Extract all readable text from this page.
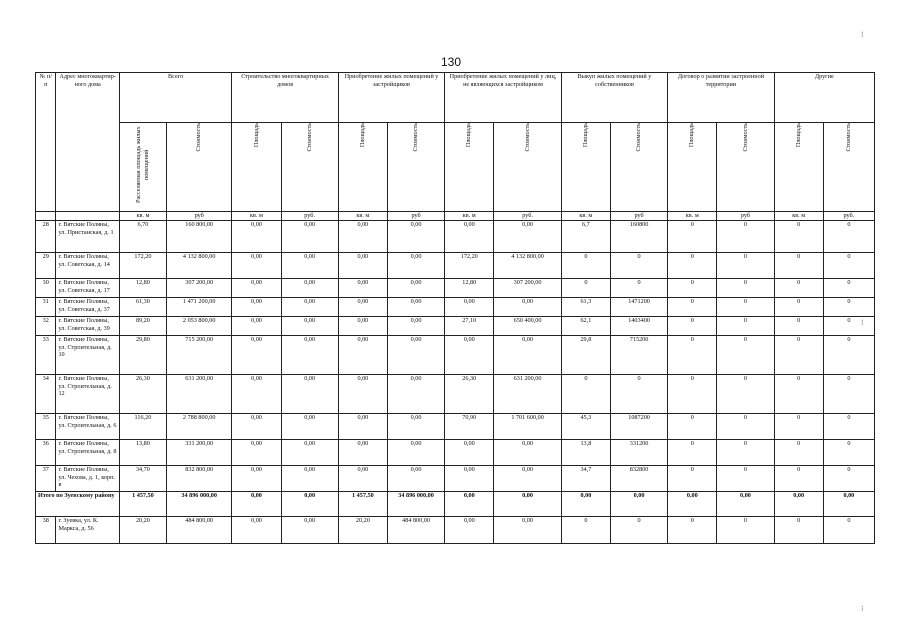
130
№ п/п	Адрес многоквартир- ного дома	Всего		Строительство многоквартирных домов		Приобретение жилых помещений у застройщиков		Приобретение жилых помещений у лиц, не являющихся застройщиком		Выкуп жилых помещений у собственников		Договор о развитии застроенной территории		Другие	
		Расселяемая площадь жилых помещений	Стоимость	Площадь	Стоимость	Площадь	Стоимость	Площадь	Стоимость	Площадь	Стоимость	Площадь	Стоимость	Площадь	Стоимость
		кв. м	руб	кв. м	руб.	кв. м	руб	кв. м	руб.	кв. м	руб	кв. м	руб	кв. м	руб.
28	г. Вятские Поляны, ул. Пристанская, д. 1	6,70	160 800,00	0,00	0,00	0,00	0,00	0,00	0,00	6,7	160800	0	0	0	0
29	г. Вятские Поляны, ул. Советская, д. 14	172,20	4 132 800,00	0,00	0,00	0,00	0,00	172,20	4 132 800,00	0	0	0	0	0	0
30	г. Вятские Поляны, ул. Советская, д. 17	12,80	307 200,00	0,00	0,00	0,00	0,00	12,80	307 200,00	0	0	0	0	0	0
31	г. Вятские Поляны, ул. Советская, д. 37	61,30	1 471 200,00	0,00	0,00	0,00	0,00	0,00	0,00	61,3	1471200	0	0	0	0
32	г. Вятские Поляны, ул. Советская, д. 39	89,20	2 053 800,00	0,00	0,00	0,00	0,00	27,10	650 400,00	62,1	1403400	0	0	0	0
33	г. Вятские Поляны, ул. Строительная, д. 10	29,80	715 200,00	0,00	0,00	0,00	0,00	0,00	0,00	29,8	715200	0	0	0	0
34	г. Вятские Поляны, ул. Строительная, д. 12	26,30	631 200,00	0,00	0,00	0,00	0,00	26,30	631 200,00	0	0	0	0	0	0
35	г. Вятские Поляны, ул. Строительная, д. 6	116,20	2 788 800,00	0,00	0,00	0,00	0,00	70,90	1 701 600,00	45,3	1087200	0	0	0	0
36	г. Вятские Поляны, ул. Строительная, д. 8	13,80	331 200,00	0,00	0,00	0,00	0,00	0,00	0,00	13,8	331200	0	0	0	0
37	г. Вятские Поляны, ул. Чехова, д. 1, корп. в	34,70	832 800,00	0,00	0,00	0,00	0,00	0,00	0,00	34,7	832800	0	0	0	0
Итого по Зуевскому району		1 457,50	34 896 000,00	0,00	0,00	1 457,50	34 896 000,00	0,00	0,00	0,00	0,00	0,00	0,00	0,00	0,00
38	г. Зуевка, ул. К. Маркса, д. 56	20,20	484 800,00	0,00	0,00	20,20	484 800,00	0,00	0,00	0	0	0	0	0	0
⁝
⁝
⁝
